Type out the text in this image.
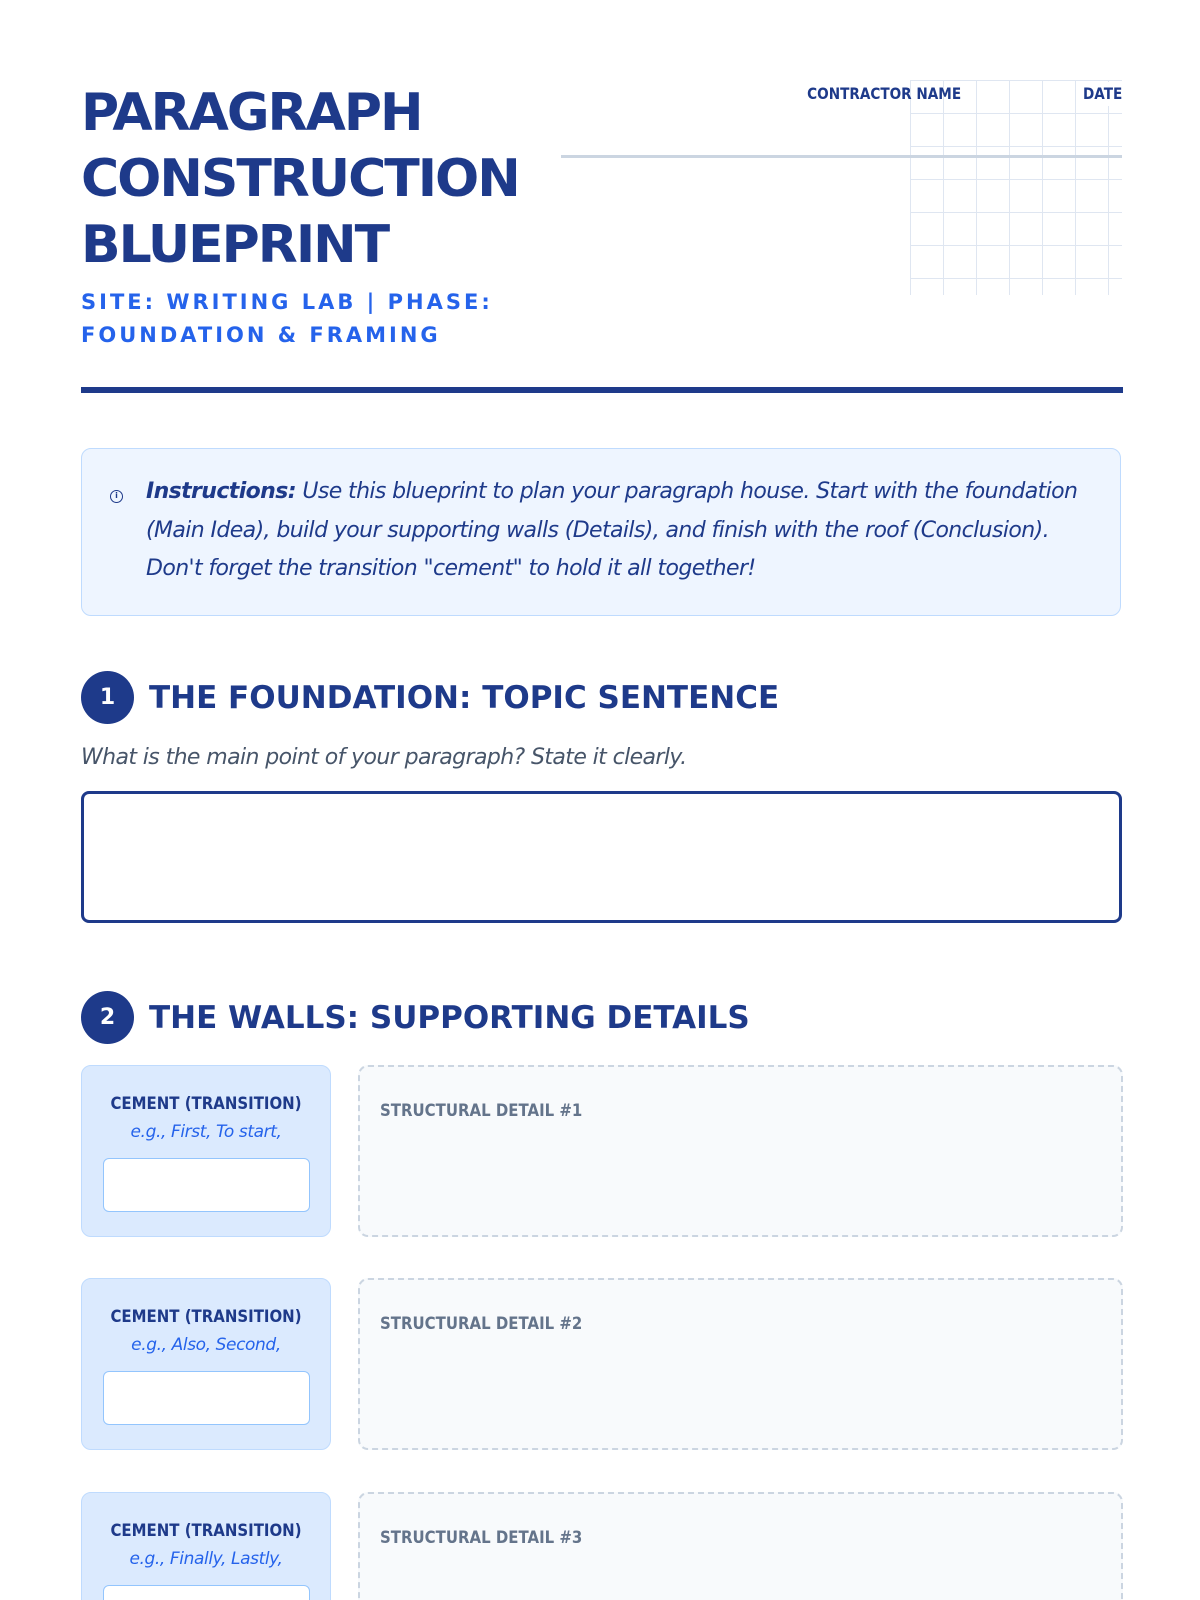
PARAGRAPH
CONSTRUCTION
BLUEPRINT

SITE: WRITING LAB | PHASE: FOUNDATION & FRAMING

CONTRACTOR NAME	DATE
i Instructions: Use this blueprint to plan your paragraph house. Start with the foundation (Main Idea), build your supporting walls (Details), and finish with the roof (Conclusion). Don't forget the transition "cement" to hold it all together!

1	THE FOUNDATION: TOPIC SENTENCE

What is the main point of your paragraph? State it clearly.

2	THE WALLS: SUPPORTING DETAILS
CEMENT (TRANSITION)
e.g., First, To start,
STRUCTURAL DETAIL #1
CEMENT (TRANSITION)
e.g., Also, Second,
STRUCTURAL DETAIL #2
CEMENT (TRANSITION)
e.g., Finally, Lastly,
STRUCTURAL DETAIL #3
